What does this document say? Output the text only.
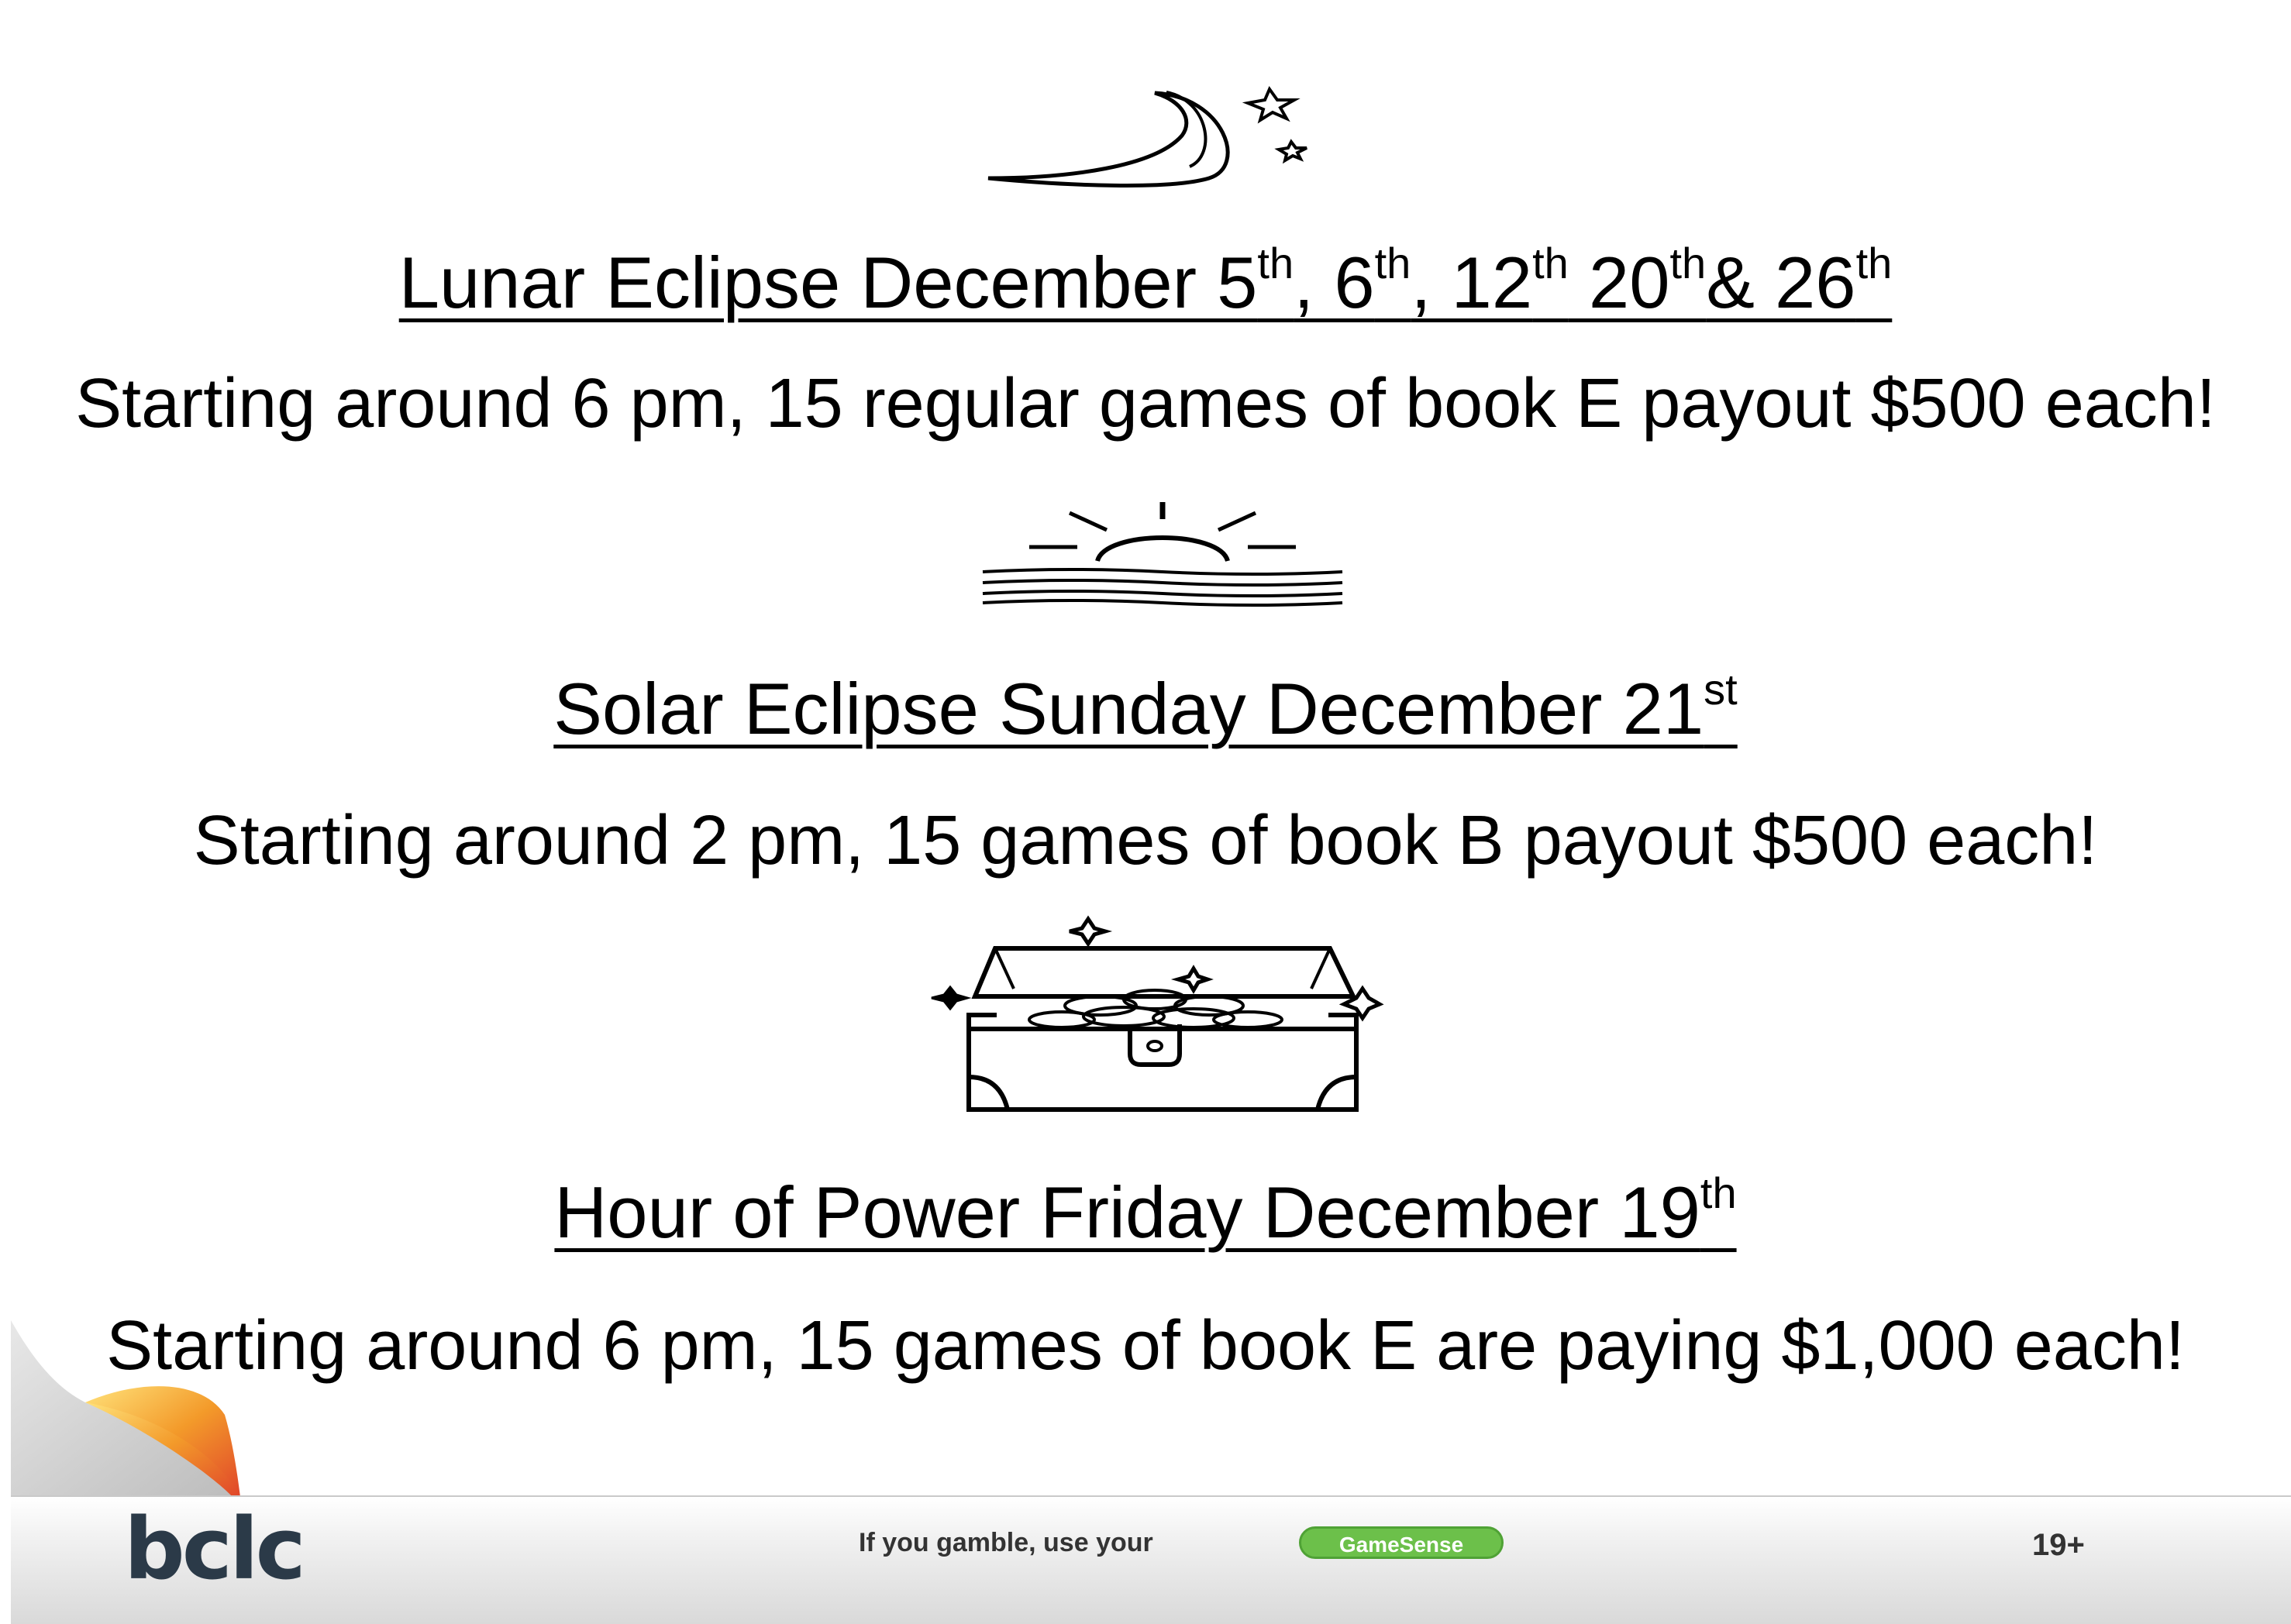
Lunar Eclipse December 5th, 6th, 12th 20th& 26th

Starting around 6 pm, 15 regular games of book E payout $500 each!

Solar Eclipse Sunday December 21st

Starting around 2 pm, 15 games of book B payout $500 each!

Hour of Power Friday December 19th

Starting around 6 pm, 15 games of book E are paying $1,000 each!

bclc	If you gamble, use your	GameSense	19+
